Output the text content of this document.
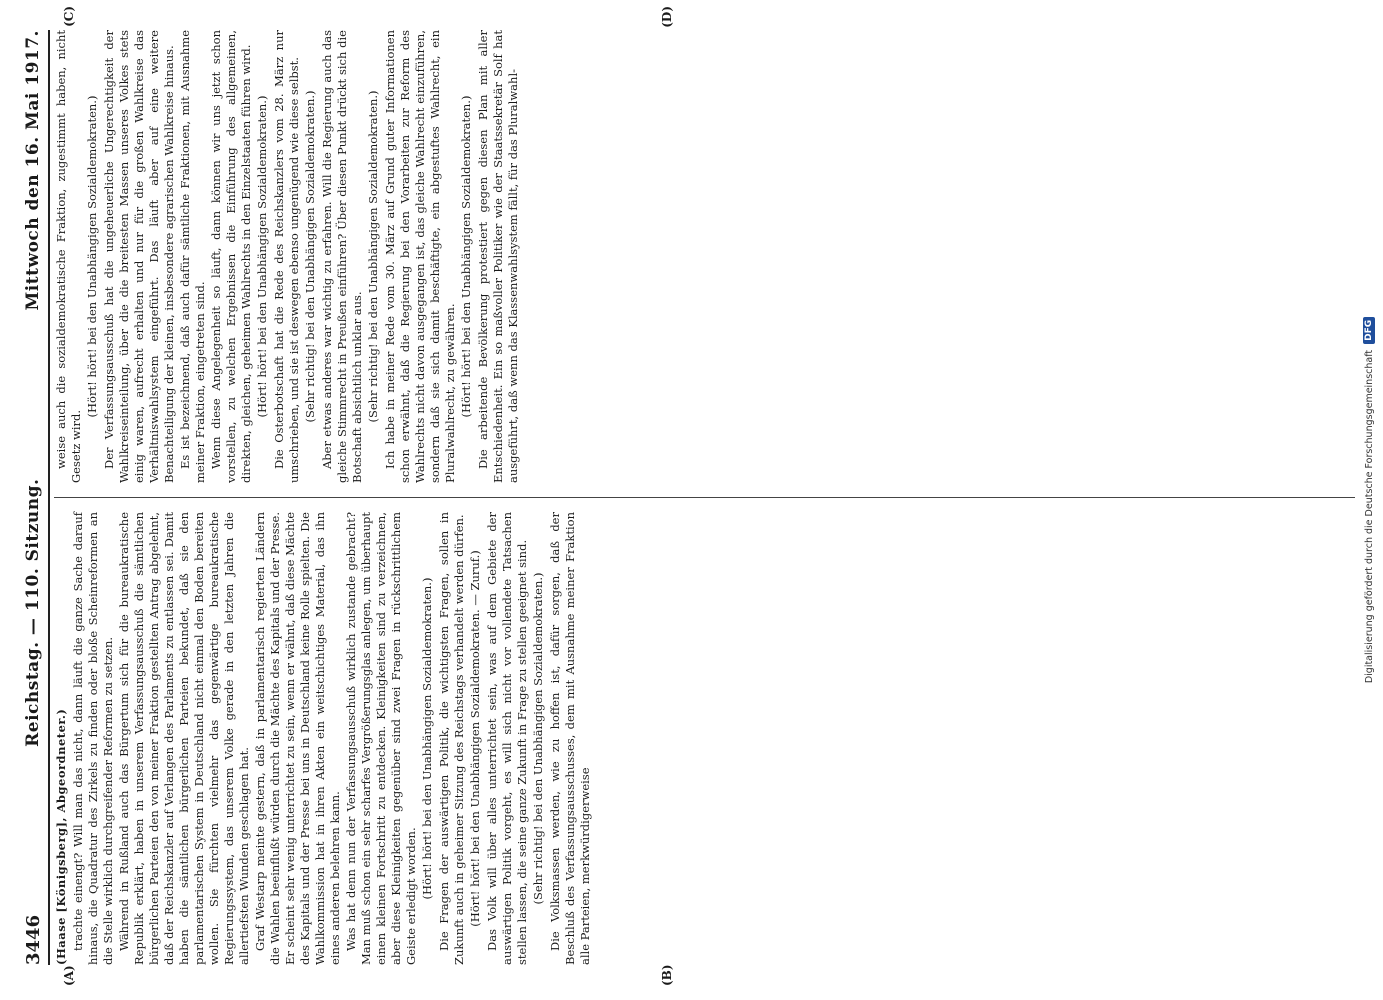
3446
Reichstag. — 110. Sitzung.
Mittwoch den 16. Mai 1917.
(A)	(B)
(C)	(D)
(Haase [Königsberg], Abgeordneter.) trachte einengt? Will man das nicht, dann läuft die ganze Sache darauf hinaus, die Quadratur des Zirkels zu finden oder bloße Scheinreformen an die Stelle wirklich durchgreifender Reformen zu setzen. Während in Rußland auch das Bürgertum sich für die bureaukratische Republik erklärt, haben in unserem Verfassungsausschuß die sämtlichen bürgerlichen Parteien den von meiner Fraktion gestellten Antrag abgelehnt, daß der Reichskanzler auf Verlangen des Parlaments zu entlassen sei. Damit haben die sämtlichen bürgerlichen Parteien bekundet, daß sie den parlamentarischen System in Deutschland nicht einmal den Boden bereiten wollen. Sie fürchten vielmehr das gegenwärtige bureaukratische Regierungssystem, das unserem Volke gerade in den letzten Jahren die allertiefsten Wunden geschlagen hat. Graf Westarp meinte gestern, daß in parlamentarisch regierten Ländern die Wahlen beeinflußt würden durch die Mächte des Kapitals und der Presse. Er scheint sehr wenig unterrichtet zu sein, wenn er wähnt, daß diese Mächte des Kapitals und der Presse bei uns in Deutschland keine Rolle spielten. Die Wahlkommission hat in ihren Akten ein weitschichtiges Material, das ihn eines anderen belehren kann. Was hat denn nun der Verfassungsausschuß wirklich zustande gebracht? Man muß schon ein sehr scharfes Vergrößerungsglas anlegen, um überhaupt einen kleinen Fortschritt zu entdecken. Kleinigkeiten sind zu verzeichnen, aber diese Kleinigkeiten gegenüber sind zwei Fragen in rückschrittlichem Geiste erledigt worden. (Hört! hört! bei den Unabhängigen Sozialdemokraten.) Die Fragen der auswärtigen Politik, die wichtigsten Fragen, sollen in Zukunft auch in geheimer Sitzung des Reichstags verhandelt werden dürfen. (Hört! hört! bei den Unabhängigen Sozialdemokraten. — Zuruf.) Das Volk will über alles unterrichtet sein, was auf dem Gebiete der auswärtigen Politik vorgeht, es will sich nicht vor vollendete Tatsachen stellen lassen, die seine ganze Zukunft in Frage zu stellen geeignet sind. (Sehr richtig! bei den Unabhängigen Sozialdemokraten.) Die Volksmassen werden, wie zu hoffen ist, dafür sorgen, daß der Beschluß des Verfassungsausschusses, dem mit Ausnahme meiner Fraktion alle Parteien, merkwürdigerweise

weise auch die sozialdemokratische Fraktion, zugestimmt haben, nicht Gesetz wird.

(Hört! hört! bei den Unabhängigen Sozialdemokraten.) Der Verfassungsausschuß hat die ungeheuerliche Ungerechtigkeit der Wahlkreiseinteilung, über die die breitesten Massen unseres Volkes stets einig waren, aufrecht erhalten und nur für die großen Wahlkreise das Verhältniswahlsystem eingeführt. Das läuft aber auf eine weitere Benachteiligung der kleinen, insbesondere agrarischen Wahlkreise hinaus. Es ist bezeichnend, daß auch dafür sämtliche Fraktionen, mit Ausnahme meiner Fraktion, eingetreten sind. Wenn diese Angelegenheit so läuft, dann können wir uns jetzt schon vorstellen, zu welchen Ergebnissen die Einführung des allgemeinen, direkten, gleichen, geheimen Wahlrechts in den Einzelstaaten führen wird. (Hört! hört! bei den Unabhängigen Sozialdemokraten.) Die Osterbotschaft hat die Rede des Reichskanzlers vom 28. März nur umschrieben, und sie ist deswegen ebenso ungenügend wie diese selbst. (Sehr richtig! bei den Unabhängigen Sozialdemokraten.) Aber etwas anderes war wichtig zu erfahren. Will die Regierung auch das gleiche Stimmrecht in Preußen einführen? Über diesen Punkt drückt sich die Botschaft absichtlich unklar aus. (Sehr richtig! bei den Unabhängigen Sozialdemokraten.) Ich habe in meiner Rede vom 30. März auf Grund guter Informationen schon erwähnt, daß die Regierung bei den Vorarbeiten zur Reform des Wahlrechts nicht davon ausgegangen ist, das gleiche Wahlrecht einzuführen, sondern daß sie sich damit beschäftigte, ein abgestuftes Wahlrecht, ein Pluralwahlrecht, zu gewähren. (Hört! hört! bei den Unabhängigen Sozialdemokraten.) Die arbeitende Bevölkerung protestiert gegen diesen Plan mit aller Entschiedenheit. Ein so maßvoller Politiker wie der Staatssekretär Solf hat ausgeführt, daß wenn das Klassenwahlsystem fällt, für das Pluralwahl-

Digitalisierung gefördert durch die Deutsche Forschungsgemeinschaft
DFG
